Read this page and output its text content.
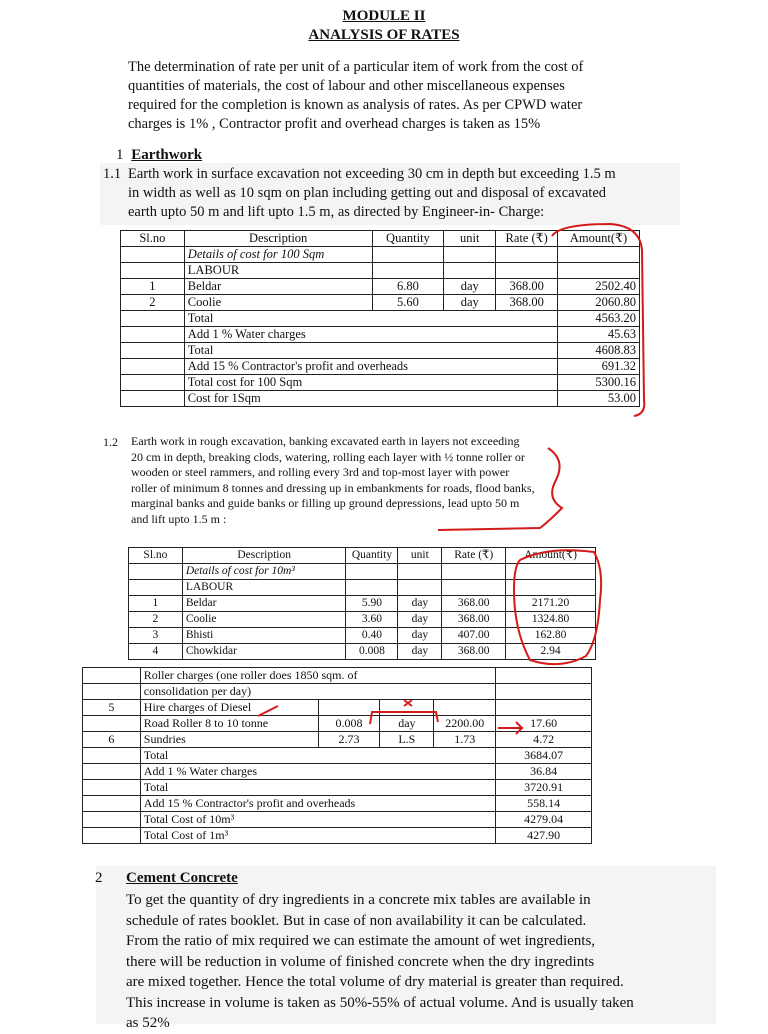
MODULE II
ANALYSIS OF RATES
The determination of rate per unit of a particular item of work from the cost of
quantities of materials, the cost of labour and other miscellaneous expenses
required for the completion is known as analysis of rates. As per CPWD water
charges is 1% , Contractor profit and overhead charges is taken as 15%
1 Earthwork
1.1 Earth work in surface excavation not exceeding 30 cm in depth but exceeding 1.5 m
in width as well as 10 sqm on plan including getting out and disposal of excavated
earth upto 50 m and lift upto 1.5 m, as directed by Engineer-in- Charge:
Sl.no	Description	Quantity	unit	Rate (₹)	Amount(₹)
	Details of cost for 100 Sqm				
	LABOUR				
1	Beldar	6.80	day	368.00	2502.40
2	Coolie	5.60	day	368.00	2060.80
	Total				4563.20
	Add 1 % Water charges				45.63
	Total				4608.83
	Add 15 % Contractor's profit and overheads				691.32
	Total cost for 100 Sqm				5300.16
	Cost for 1Sqm				53.00
1.2 Earth work in rough excavation, banking excavated earth in layers not exceeding
20 cm in depth, breaking clods, watering, rolling each layer with ½ tonne roller or
wooden or steel rammers, and rolling every 3rd and top-most layer with power
roller of minimum 8 tonnes and dressing up in embankments for roads, flood banks,
marginal banks and guide banks or filling up ground depressions, lead upto 50 m
and lift upto 1.5 m :
Sl.no	Description	Quantity	unit	Rate (₹)	Amount(₹)
	Details of cost for 10m³				
	LABOUR				
1	Beldar	5.90	day	368.00	2171.20
2	Coolie	3.60	day	368.00	1324.80
3	Bhisti	0.40	day	407.00	162.80
4	Chowkidar	0.008	day	368.00	2.94
	Roller charges (one roller does 1850 sqm. of				
	consolidation per day)				
5	Hire charges of Diesel				
	Road Roller 8 to 10 tonne	0.008	day	2200.00	17.60
6	Sundries	2.73	L.S	1.73	4.72
	Total				3684.07
	Add 1 % Water charges				36.84
	Total				3720.91
	Add 15 % Contractor's profit and overheads				558.14
	Total Cost of 10m³				4279.04
	Total Cost of 1m³				427.90
2 Cement Concrete
To get the quantity of dry ingredients in a concrete mix tables are available in
schedule of rates booklet. But in case of non availability it can be calculated.
From the ratio of mix required we can estimate the amount of wet ingredients,
there will be reduction in volume of finished concrete when the dry ingredints
are mixed together. Hence the total volume of dry material is greater than required.
This increase in volume is taken as 50%-55% of actual volume. And is usually taken
as 52%
